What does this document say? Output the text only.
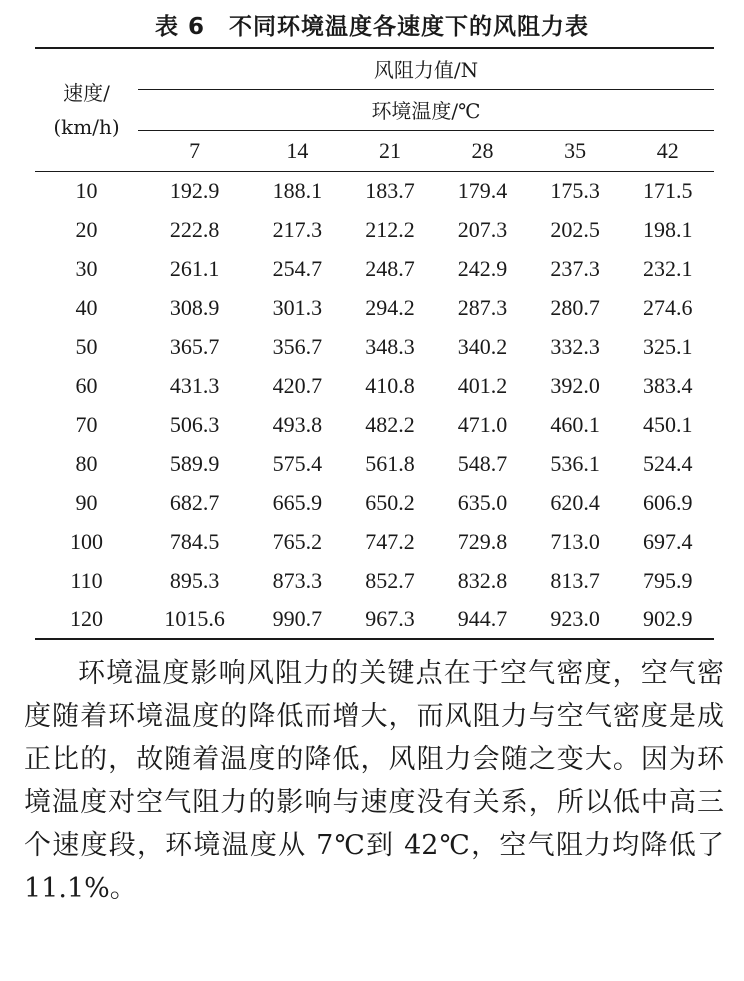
表 6　不同环境温度各速度下的风阻力表
速度/
(km/h)	风阻力值/N					
	环境温度/℃					
	7	14	21	28	35	42
10	192.9	188.1	183.7	179.4	175.3	171.5
20	222.8	217.3	212.2	207.3	202.5	198.1
30	261.1	254.7	248.7	242.9	237.3	232.1
40	308.9	301.3	294.2	287.3	280.7	274.6
50	365.7	356.7	348.3	340.2	332.3	325.1
60	431.3	420.7	410.8	401.2	392.0	383.4
70	506.3	493.8	482.2	471.0	460.1	450.1
80	589.9	575.4	561.8	548.7	536.1	524.4
90	682.7	665.9	650.2	635.0	620.4	606.9
100	784.5	765.2	747.2	729.8	713.0	697.4
110	895.3	873.3	852.7	832.8	813.7	795.9
120	1015.6	990.7	967.3	944.7	923.0	902.9

环境温度影响风阻力的关键点在于空气密度，空气密度随着环境温度的降低而增大，而风阻力与空气密度是成正比的，故随着温度的降低，风阻力会随之变大。因为环境温度对空气阻力的影响与速度没有关系，所以低中高三个速度段，环境温度从 7℃到 42℃，空气阻力均降低了 11.1%。
